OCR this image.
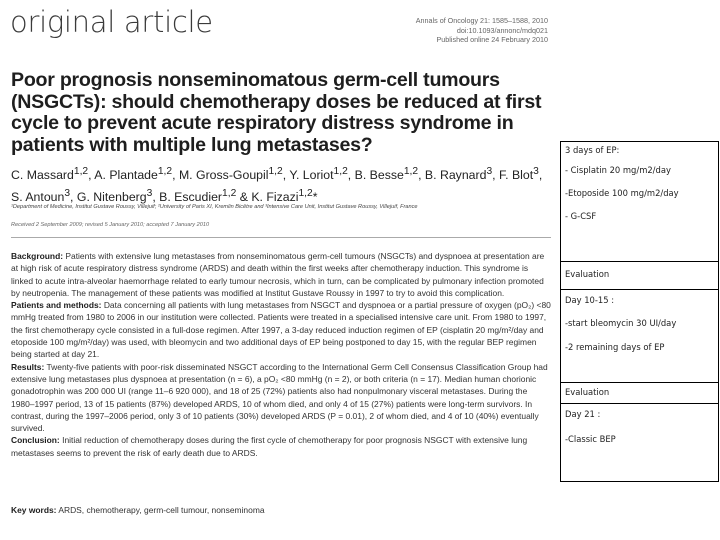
original article	Annals of Oncology 21: 1585–1588, 2010
doi:10.1093/annonc/mdq021
Published online 24 February 2010
Poor prognosis nonseminomatous germ-cell tumours (NSGCTs): should chemotherapy doses be reduced at first cycle to prevent acute respiratory distress syndrome in patients with multiple lung metastases?
C. Massard$^{1,2}$, A. Plantade$^{1,2}$, M. Gross-Goupil$^{1,2}$, Y. Loriot$^{1,2}$, B. Besse$^{1,2}$, B. Raynard$^3$, F. Blot$^3$,
S. Antoun$^3$, G. Nitenberg$^3$, B. Escudier$^{1,2}$ & K. Fizazi$^{1,2}$*
¹Department of Medicine, Institut Gustave Roussy, Villejuif; ²University of Paris XI, Kremlin Bicêtre and ³Intensive Care Unit, Institut Gustave Roussy, Villejuif, France
Received 2 September 2009; revised 5 January 2010; accepted 7 January 2010

Background: Patients with extensive lung metastases from nonseminomatous germ-cell tumours (NSGCTs) and dyspnoea at presentation are at high risk of acute respiratory distress syndrome (ARDS) and death within the first weeks after chemotherapy induction. This syndrome is linked to acute intra-alveolar haemorrhage related to early tumour necrosis, which in turn, can be complicated by pulmonary infection promoted by neutropenia. The management of these patients was modified at Institut Gustave Roussy in 1997 to try to avoid this complication.

Patients and methods: Data concerning all patients with lung metastases from NSGCT and dyspnoea or a partial pressure of oxygen (pO₂) <80 mmHg treated from 1980 to 2006 in our institution were collected. Patients were treated in a specialised intensive care unit. From 1980 to 1997, the first chemotherapy cycle consisted in a full-dose regimen. After 1997, a 3-day reduced induction regimen of EP (cisplatin 20 mg/m²/day and etoposide 100 mg/m²/day) was used, with bleomycin and two additional days of EP being postponed to day 15, with the regular BEP regimen being started at day 21.

Results: Twenty-five patients with poor-risk disseminated NSGCT according to the International Germ Cell Consensus Classification Group had extensive lung metastases plus dyspnoea at presentation (n = 6), a pO₂ <80 mmHg (n = 2), or both criteria (n = 17). Median human chorionic gonadotrophin was 200 000 UI (range 11–6 920 000), and 18 of 25 (72%) patients also had nonpulmonary visceral metastases. During the 1980–1997 period, 13 of 15 patients (87%) developed ARDS, 10 of whom died, and only 4 of 15 (27%) patients were long-term survivors. In contrast, during the 1997–2006 period, only 3 of 10 patients (30%) developed ARDS (P = 0.01), 2 of whom died, and 4 of 10 (40%) eventually survived.

Conclusion: Initial reduction of chemotherapy doses during the first cycle of chemotherapy for poor prognosis NSGCT with extensive lung metastases seems to prevent the risk of early death due to ARDS.

Key words: ARDS, chemotherapy, germ-cell tumour, nonseminoma
3 days of EP:
- Cisplatin 20 mg/m2/day
-Etoposide 100 mg/m2/day
- G-CSF
Evaluation
Day 10-15 :
-start bleomycin 30 UI/day
-2 remaining days of EP
Evaluation
Day 21 :
-Classic BEP
